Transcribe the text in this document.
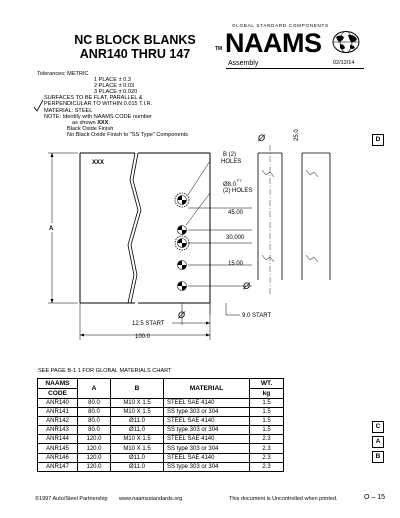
NC BLOCK BLANKS
ANR140 THRU 147
GLOBAL STANDARD COMPONENTS
TM NAAMS
Assembly	02/12/14
Tolerances: METRIC
1 PLACE ± 0.3
2 PLACE ± 0.03
3 PLACE ± 0.020
SURFACES TO BE FLAT, PARALLEL &
PERPENDICULAR TO WITHIN 0.015 T.I.R.
MATERIAL: STEEL
NOTE: Identify with NAAMS CODE number
as shown XXX.
Black Oxide Finish
No Black Oxide Finish to "SS Type" Components
XXX
B (2)
HOLES
Ø8.0
F7
(2) HOLES
45.00
30.000
15.00
Ø
9.0 START
Ø
12.5 START
100.0
A
Ø	25.0	D
C
A
B
SEE PAGE B-1.1 FOR GLOBAL MATERIALS CHART
NAAMS	A	B	MATERIAL	WT.
CODE				kg
ANR140	80.0	M10 X 1.5	STEEL SAE 4140	1.5
ANR141	80.0	M10 X 1.5	SS type 303 or 304	1.5
ANR142	80.0	Ø11.0	STEEL SAE 4140	1.5
ANR143	80.0	Ø11.0	SS type 303 or 304	1.5
ANR144	120.0	M10 X 1.5	STEEL SAE 4140	2.3
ANR145	120.0	M10 X 1.5	SS type 303 or 304	2.3
ANR146	120.0	Ø11.0	STEEL SAE 4140	2.3
ANR147	120.0	Ø11.0	SS type 303 or 304	2.3
©1997 Auto/Steel Partnership www.naamsstandards.org	This document is Uncontrolled when printed.	O – 15
